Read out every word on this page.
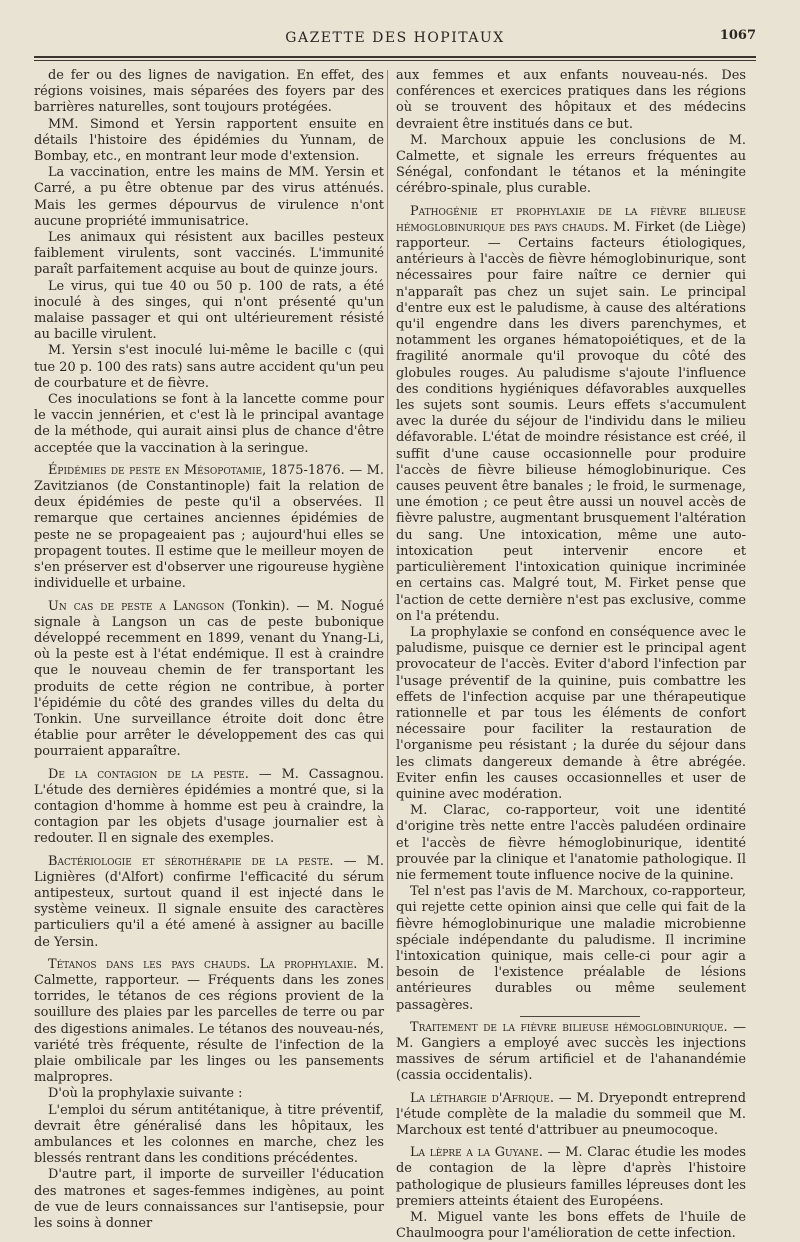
GAZETTE DES HOPITAUX	1067

de fer ou des lignes de navigation. En effet, des régions voisines, mais séparées des foyers par des barrières naturelles, sont toujours protégées.

MM. Simond et Yersin rapportent ensuite en détails l'histoire des épidémies du Yunnam, de Bombay, etc., en montrant leur mode d'extension.

La vaccination, entre les mains de MM. Yersin et Carré, a pu être obtenue par des virus atténués. Mais les germes dépourvus de virulence n'ont aucune propriété immunisatrice.

Les animaux qui résistent aux bacilles pesteux faiblement virulents, sont vaccinés. L'immunité paraît parfaitement acquise au bout de quinze jours.

Le virus, qui tue 40 ou 50 p. 100 de rats, a été inoculé à des singes, qui n'ont présenté qu'un malaise passager et qui ont ultérieurement résisté au bacille virulent.

M. Yersin s'est inoculé lui-même le bacille c (qui tue 20 p. 100 des rats) sans autre accident qu'un peu de courbature et de fièvre.

Ces inoculations se font à la lancette comme pour le vaccin jennérien, et c'est là le principal avantage de la méthode, qui aurait ainsi plus de chance d'être acceptée que la vaccination à la seringue.

Épidémies de peste en Mésopotamie, 1875-1876. — M. Zavitzianos (de Constantinople) fait la relation de deux épidémies de peste qu'il a observées. Il remarque que certaines anciennes épidémies de peste ne se propageaient pas ; aujourd'hui elles se propagent toutes. Il estime que le meilleur moyen de s'en préserver est d'observer une rigoureuse hygiène individuelle et urbaine.

Un cas de peste a Langson (Tonkin). — M. Nogué signale à Langson un cas de peste bubonique développé recemment en 1899, venant du Ynang-Li, où la peste est à l'état endémique. Il est à craindre que le nouveau chemin de fer transportant les produits de cette région ne contribue, à porter l'épidémie du côté des grandes villes du delta du Tonkin. Une surveillance étroite doit donc être établie pour arrêter le développement des cas qui pourraient apparaître.

De la contagion de la peste. — M. Cassagnou. L'étude des dernières épidémies a montré que, si la contagion d'homme à homme est peu à craindre, la contagion par les objets d'usage journalier est à redouter. Il en signale des exemples.

Bactériologie et sérothérapie de la peste. — M. Lignières (d'Alfort) confirme l'efficacité du sérum antipesteux, surtout quand il est injecté dans le système veineux. Il signale ensuite des caractères particuliers qu'il a été amené à assigner au bacille de Yersin.

Tétanos dans les pays chauds. La prophylaxie. M. Calmette, rapporteur. — Fréquents dans les zones torrides, le tétanos de ces régions provient de la souillure des plaies par les parcelles de terre ou par des digestions animales. Le tétanos des nouveau-nés, variété très fréquente, résulte de l'infection de la plaie ombilicale par les linges ou les pansements malpropres.

D'où la prophylaxie suivante :

L'emploi du sérum antitétanique, à titre préventif, devrait être généralisé dans les hôpitaux, les ambulances et les colonnes en marche, chez les blessés rentrant dans les conditions précédentes.

D'autre part, il importe de surveiller l'éducation des matrones et sages-femmes indigènes, au point de vue de leurs connaissances sur l'antisepsie, pour les soins à donner

aux femmes et aux enfants nouveau-nés. Des conférences et exercices pratiques dans les régions où se trouvent des hôpitaux et des médecins devraient être institués dans ce but.

M. Marchoux appuie les conclusions de M. Calmette, et signale les erreurs fréquentes au Sénégal, confondant le tétanos et la méningite cérébro-spinale, plus curable.

Pathogénie et prophylaxie de la fièvre bilieuse hémoglobinurique des pays chauds. M. Firket (de Liège) rapporteur. — Certains facteurs étiologiques, antérieurs à l'accès de fièvre hémoglobinurique, sont nécessaires pour faire naître ce dernier qui n'apparaît pas chez un sujet sain. Le principal d'entre eux est le paludisme, à cause des altérations qu'il engendre dans les divers parenchymes, et notamment les organes hématopoiétiques, et de la fragilité anormale qu'il provoque du côté des globules rouges. Au paludisme s'ajoute l'influence des conditions hygiéniques défavorables auxquelles les sujets sont soumis. Leurs effets s'accumulent avec la durée du séjour de l'individu dans le milieu défavorable. L'état de moindre résistance est créé, il suffit d'une cause occasionnelle pour produire l'accès de fièvre bilieuse hémoglobinurique. Ces causes peuvent être banales ; le froid, le surmenage, une émotion ; ce peut être aussi un nouvel accès de fièvre palustre, augmentant brusquement l'altération du sang. Une intoxication, même une auto-intoxication peut intervenir encore et particulièrement l'intoxication quinique incriminée en certains cas. Malgré tout, M. Firket pense que l'action de cette dernière n'est pas exclusive, comme on l'a prétendu.

La prophylaxie se confond en conséquence avec le paludisme, puisque ce dernier est le principal agent provocateur de l'accès. Eviter d'abord l'infection par l'usage préventif de la quinine, puis combattre les effets de l'infection acquise par une thérapeutique rationnelle et par tous les éléments de confort nécessaire pour faciliter la restauration de l'organisme peu résistant ; la durée du séjour dans les climats dangereux demande à être abrégée. Eviter enfin les causes occasionnelles et user de quinine avec modération.

M. Clarac, co-rapporteur, voit une identité d'origine très nette entre l'accès paludéen ordinaire et l'accès de fièvre hémoglobinurique, identité prouvée par la clinique et l'anatomie pathologique. Il nie fermement toute influence nocive de la quinine.

Tel n'est pas l'avis de M. Marchoux, co-rapporteur, qui rejette cette opinion ainsi que celle qui fait de la fièvre hémoglobinurique une maladie microbienne spéciale indépendante du paludisme. Il incrimine l'intoxication quinique, mais celle-ci pour agir a besoin de l'existence préalable de lésions antérieures durables ou même seulement passagères.

Traitement de la fièvre bilieuse hémoglobinurique. — M. Gangiers a employé avec succès les injections massives de sérum artificiel et de l'ahanandémie (cassia occidentalis).

La léthargie d'Afrique. — M. Dryepondt entreprend l'étude complète de la maladie du sommeil que M. Marchoux est tenté d'attribuer au pneumocoque.

La lèpre a la Guyane. — M. Clarac étudie les modes de contagion de la lèpre d'après l'histoire pathologique de plusieurs familles lépreuses dont les premiers atteints étaient des Européens.

M. Miguel vante les bons effets de l'huile de Chaulmoogra pour l'amélioration de cette infection.
